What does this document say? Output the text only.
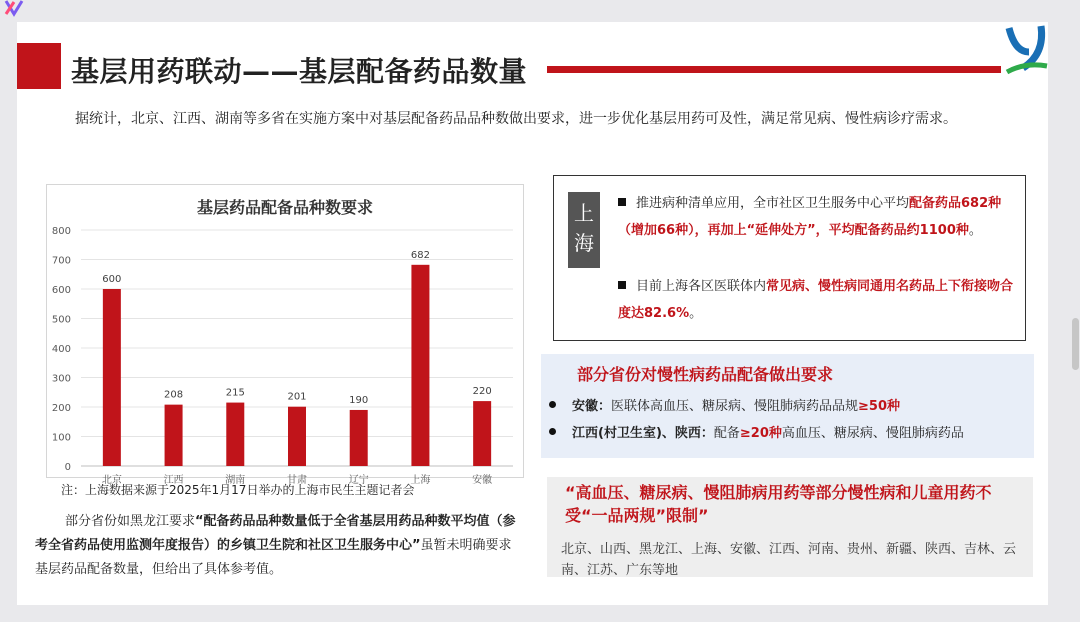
基层用药联动——基层配备药品数量
据统计，北京、江西、湖南等多省在实施方案中对基层配备药品品种数做出要求，进一步优化基层用药可及性，满足常见病、慢性病诊疗需求。
基层药品配备品种数要求
0
100
200
300
400
500
600
700
800
600
北京
208
江西
215
湖南
201
甘肃
190
辽宁
682
上海
220
安徽
注：上海数据来源于2025年1月17日举办的上海市民生主题记者会
部分省份如黑龙江要求“配备药品品种数量低于全省基层用药品种数平均值（参考全省药品使用监测年度报告）的乡镇卫生院和社区卫生服务中心”虽暂未明确要求基层药品配备数量，但给出了具体参考值。
上海
推进病种清单应用，全市社区卫生服务中心平均配备药品682种（增加66种），再加上“延伸处方”，平均配备药品约1100种。
目前上海各区医联体内常见病、慢性病同通用名药品上下衔接吻合度达82.6%。
部分省份对慢性病药品配备做出要求
安徽：医联体高血压、糖尿病、慢阻肺病药品品规≥50种
江西(村卫生室)、陕西：配备≥20种高血压、糖尿病、慢阻肺病药品
“高血压、糖尿病、慢阻肺病用药等部分慢性病和儿童用药不受“一品两规”限制”
北京、山西、黑龙江、上海、安徽、江西、河南、贵州、新疆、陕西、吉林、云南、江苏、广东等地
